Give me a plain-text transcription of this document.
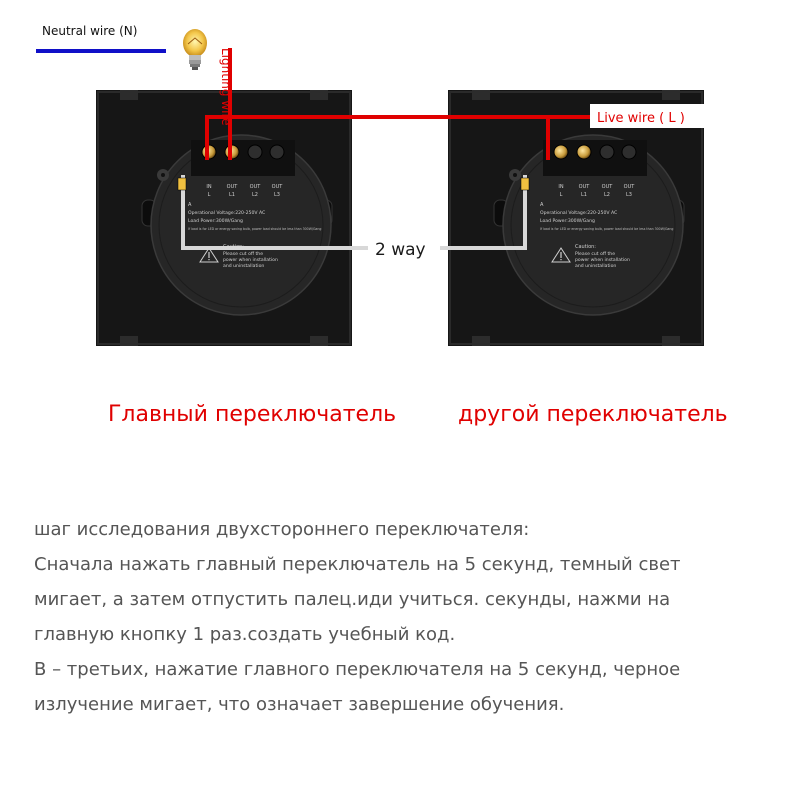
Neutral wire (N)
IN	OUT OUT OUT
L	L1	L2	L3
A
Operational Voltage:220-250V AC
Load Power:300W/Gang
If load is for LED or energy saving bulb, power load should be less than 300W/Gang
Caution:
Please cut off the
power when installation
and uninstallation
IN	OUT OUT OUT
L	L1	L2	L3
A
Operational Voltage:220-250V AC
Load Power:300W/Gang
If load is for LED or energy saving bulb, power load should be less than 300W/Gang
Caution:
Please cut off the
power when installation
and uninstallation
2 way
Live wire ( L )
Lighting wire
Главный переключатель	другой переключатель
шаг исследования двухстороннего переключателя:
Сначала нажать главный переключатель на 5 секунд, темный свет
мигает, а затем отпустить палец.иди учиться. секунды, нажми на
главную кнопку 1 раз.создать учебный код.
В – третьих, нажатие главного переключателя на 5 секунд, черное
излучение мигает, что означает завершение обучения.
